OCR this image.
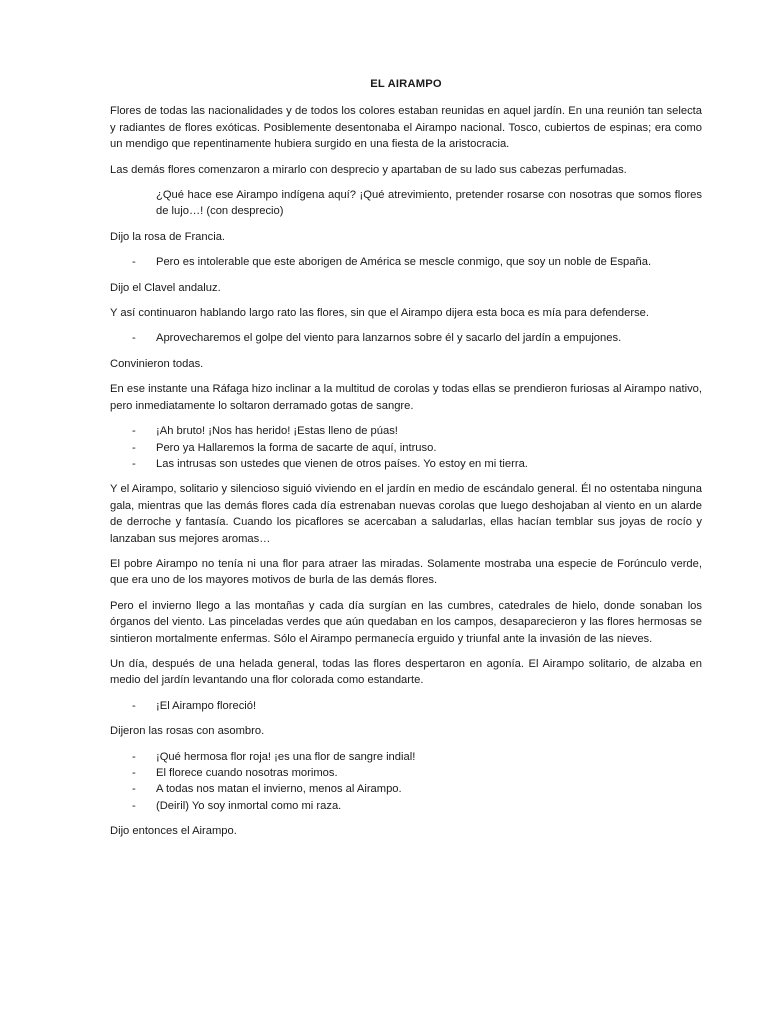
EL AIRAMPO

Flores de todas las nacionalidades y de todos los colores estaban reunidas en aquel jardín. En una reunión tan selecta y radiantes de flores exóticas. Posiblemente desentonaba el Airampo nacional. Tosco, cubiertos de espinas; era como un mendigo que repentinamente hubiera surgido en una fiesta de la aristocracia.

Las demás flores comenzaron a mirarlo con desprecio y apartaban de su lado sus cabezas perfumadas.

¿Qué hace ese Airampo indígena aquí? ¡Qué atrevimiento, pretender rosarse con nosotras que somos flores de lujo…! (con desprecio)

Dijo la rosa de Francia.

-	Pero es intolerable que este aborigen de América se mescle conmigo, que soy un noble de España.

Dijo el Clavel andaluz.

Y así continuaron hablando largo rato las flores, sin que el Airampo dijera esta boca es mía para defenderse.

-	Aprovecharemos el golpe del viento para lanzarnos sobre él y sacarlo del jardín a empujones.

Convinieron todas.

En ese instante una Ráfaga hizo inclinar a la multitud de corolas y todas ellas se prendieron furiosas al Airampo nativo, pero inmediatamente lo soltaron derramado gotas de sangre.

-	¡Ah bruto! ¡Nos has herido! ¡Estas lleno de púas!
-	Pero ya Hallaremos la forma de sacarte de aquí, intruso.
-	Las intrusas son ustedes que vienen de otros países. Yo estoy en mi tierra.

Y el Airampo, solitario y silencioso siguió viviendo en el jardín en medio de escándalo general. Él no ostentaba ninguna gala, mientras que las demás flores cada día estrenaban nuevas corolas que luego deshojaban al viento en un alarde de derroche y fantasía. Cuando los picaflores se acercaban a saludarlas, ellas hacían temblar sus joyas de rocío y lanzaban sus mejores aromas…

El pobre Airampo no tenía ni una flor para atraer las miradas. Solamente mostraba una especie de Forúnculo verde, que era uno de los mayores motivos de burla de las demás flores.

Pero el invierno llego a las montañas y cada día surgían en las cumbres, catedrales de hielo, donde sonaban los órganos del viento. Las pinceladas verdes que aún quedaban en los campos, desaparecieron y las flores hermosas se sintieron mortalmente enfermas. Sólo el Airampo permanecía erguido y triunfal ante la invasión de las nieves.

Un día, después de una helada general, todas las flores despertaron en agonía. El Airampo solitario, de alzaba en medio del jardín levantando una flor colorada como estandarte.

-	¡El Airampo floreció!

Dijeron las rosas con asombro.

-	¡Qué hermosa flor roja! ¡es una flor de sangre indial!
-	El florece cuando nosotras morimos.
-	A todas nos matan el invierno, menos al Airampo.
-	(Deiril) Yo soy inmortal como mi raza.

Dijo entonces el Airampo.
